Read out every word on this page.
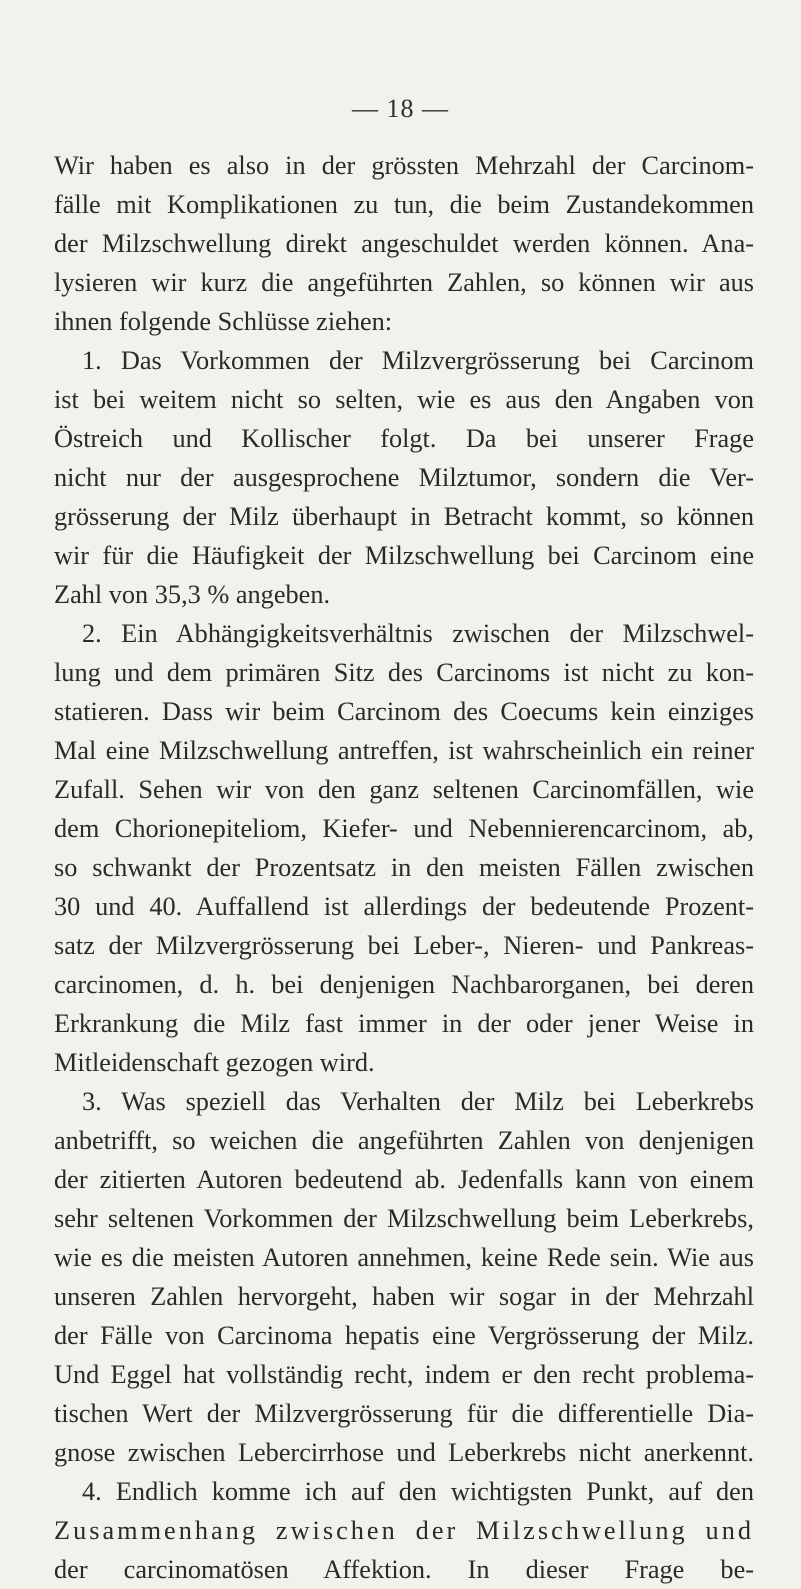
— 18 —
Wir haben es also in der grössten Mehrzahl der Carcinom-
fälle mit Komplikationen zu tun, die beim Zustandekommen
der Milzschwellung direkt angeschuldet werden können. Ana-
lysieren wir kurz die angeführten Zahlen, so können wir aus
ihnen folgende Schlüsse ziehen:
1. Das Vorkommen der Milzvergrösserung bei Carcinom
ist bei weitem nicht so selten, wie es aus den Angaben von
Östreich und Kollischer folgt. Da bei unserer Frage
nicht nur der ausgesprochene Milztumor, sondern die Ver-
grösserung der Milz überhaupt in Betracht kommt, so können
wir für die Häufigkeit der Milzschwellung bei Carcinom eine
Zahl von 35,3 % angeben.
2. Ein Abhängigkeitsverhältnis zwischen der Milzschwel-
lung und dem primären Sitz des Carcinoms ist nicht zu kon-
statieren. Dass wir beim Carcinom des Coecums kein einziges
Mal eine Milzschwellung antreffen, ist wahrscheinlich ein reiner
Zufall. Sehen wir von den ganz seltenen Carcinomfällen, wie
dem Chorionepiteliom, Kiefer- und Nebennierencarcinom, ab,
so schwankt der Prozentsatz in den meisten Fällen zwischen
30 und 40. Auffallend ist allerdings der bedeutende Prozent-
satz der Milzvergrösserung bei Leber-, Nieren- und Pankreas-
carcinomen, d. h. bei denjenigen Nachbarorganen, bei deren
Erkrankung die Milz fast immer in der oder jener Weise in
Mitleidenschaft gezogen wird.
3. Was speziell das Verhalten der Milz bei Leberkrebs
anbetrifft, so weichen die angeführten Zahlen von denjenigen
der zitierten Autoren bedeutend ab. Jedenfalls kann von einem
sehr seltenen Vorkommen der Milzschwellung beim Leberkrebs,
wie es die meisten Autoren annehmen, keine Rede sein. Wie aus
unseren Zahlen hervorgeht, haben wir sogar in der Mehrzahl
der Fälle von Carcinoma hepatis eine Vergrösserung der Milz.
Und Eggel hat vollständig recht, indem er den recht problema-
tischen Wert der Milzvergrösserung für die differentielle Dia-
gnose zwischen Lebercirrhose und Leberkrebs nicht anerkennt.
4. Endlich komme ich auf den wichtigsten Punkt, auf den
Zusammenhang zwischen der Milzschwellung und
der carcinomatösen Affektion. In dieser Frage be-
